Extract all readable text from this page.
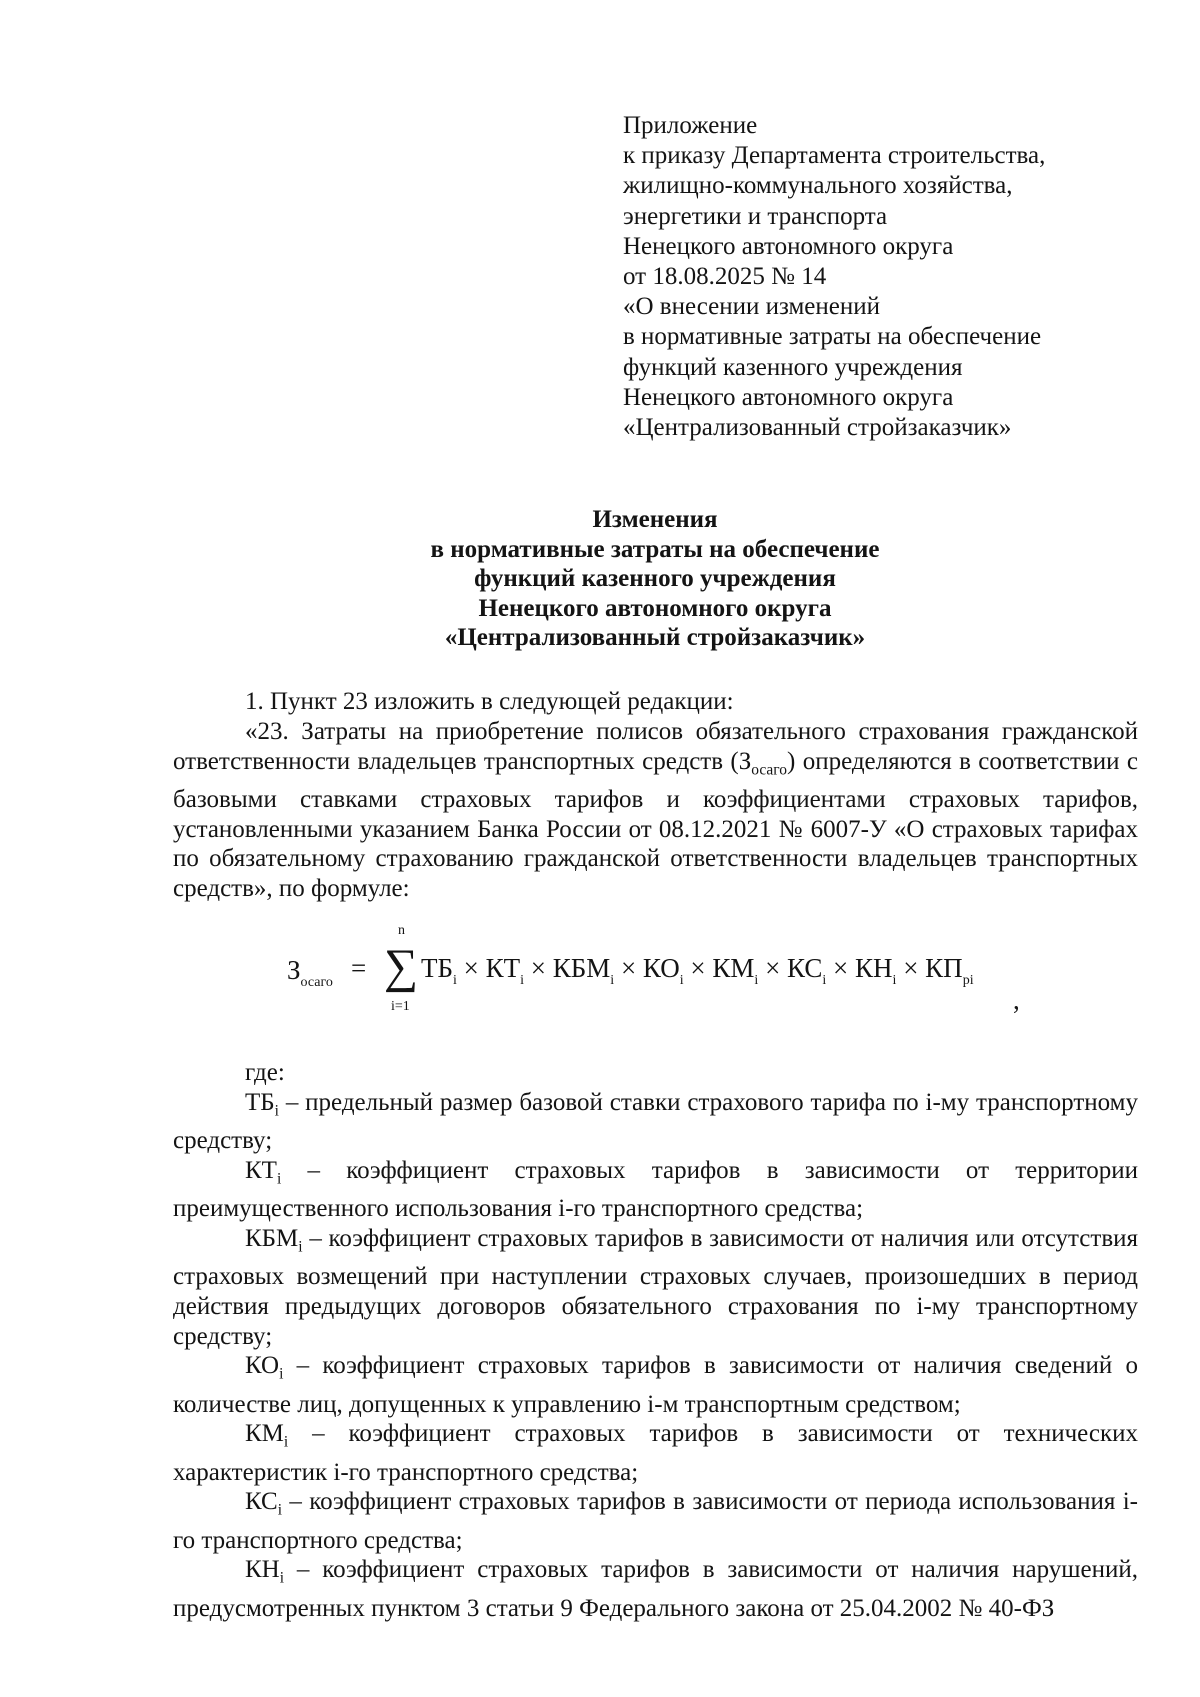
Приложение
к приказу Департамента строительства,
жилищно-коммунального хозяйства,
энергетики и транспорта
Ненецкого автономного округа
от 18.08.2025 № 14
«О внесении изменений
в нормативные затраты на обеспечение
функций казенного учреждения
Ненецкого автономного округа
«Централизованный стройзаказчик»
Изменения
в нормативные затраты на обеспечение
функций казенного учреждения
Ненецкого автономного округа
«Централизованный стройзаказчик»

1. Пункт 23 изложить в следующей редакции:

«23. Затраты на приобретение полисов обязательного страхования гражданской ответственности владельцев транспортных средств $(З_{осаго})$ определяются в соответствии с базовыми ставками страховых тарифов и коэффициентами страховых тарифов, установленными указанием Банка России от 08.12.2021 № 6007-У «О страховых тарифах по обязательному страхованию гражданской ответственности владельцев транспортных средств», по формуле:

$З_{осаго}$ =
n
∑
i=1
$ТБ_i \times КТ_i \times КБМ_i \times КО_i \times КМ_i \times КС_i \times КН_i \times КП_{pi}$
,

где:

$ТБ_i$ – предельный размер базовой ставки страхового тарифа по i-му транспортному средству;

$КТ_i$ – коэффициент страховых тарифов в зависимости от территории преимущественного использования i-го транспортного средства;

$КБМ_i$ – коэффициент страховых тарифов в зависимости от наличия или отсутствия страховых возмещений при наступлении страховых случаев, произошедших в период действия предыдущих договоров обязательного страхования по i-му транспортному средству;

$КО_i$ – коэффициент страховых тарифов в зависимости от наличия сведений о количестве лиц, допущенных к управлению i-м транспортным средством;

$КМ_i$ – коэффициент страховых тарифов в зависимости от технических характеристик i-го транспортного средства;

$КС_i$ – коэффициент страховых тарифов в зависимости от периода использования i-го транспортного средства;

$КН_i$ – коэффициент страховых тарифов в зависимости от наличия нарушений, предусмотренных пунктом 3 статьи 9 Федерального закона от 25.04.2002 № 40-ФЗ
